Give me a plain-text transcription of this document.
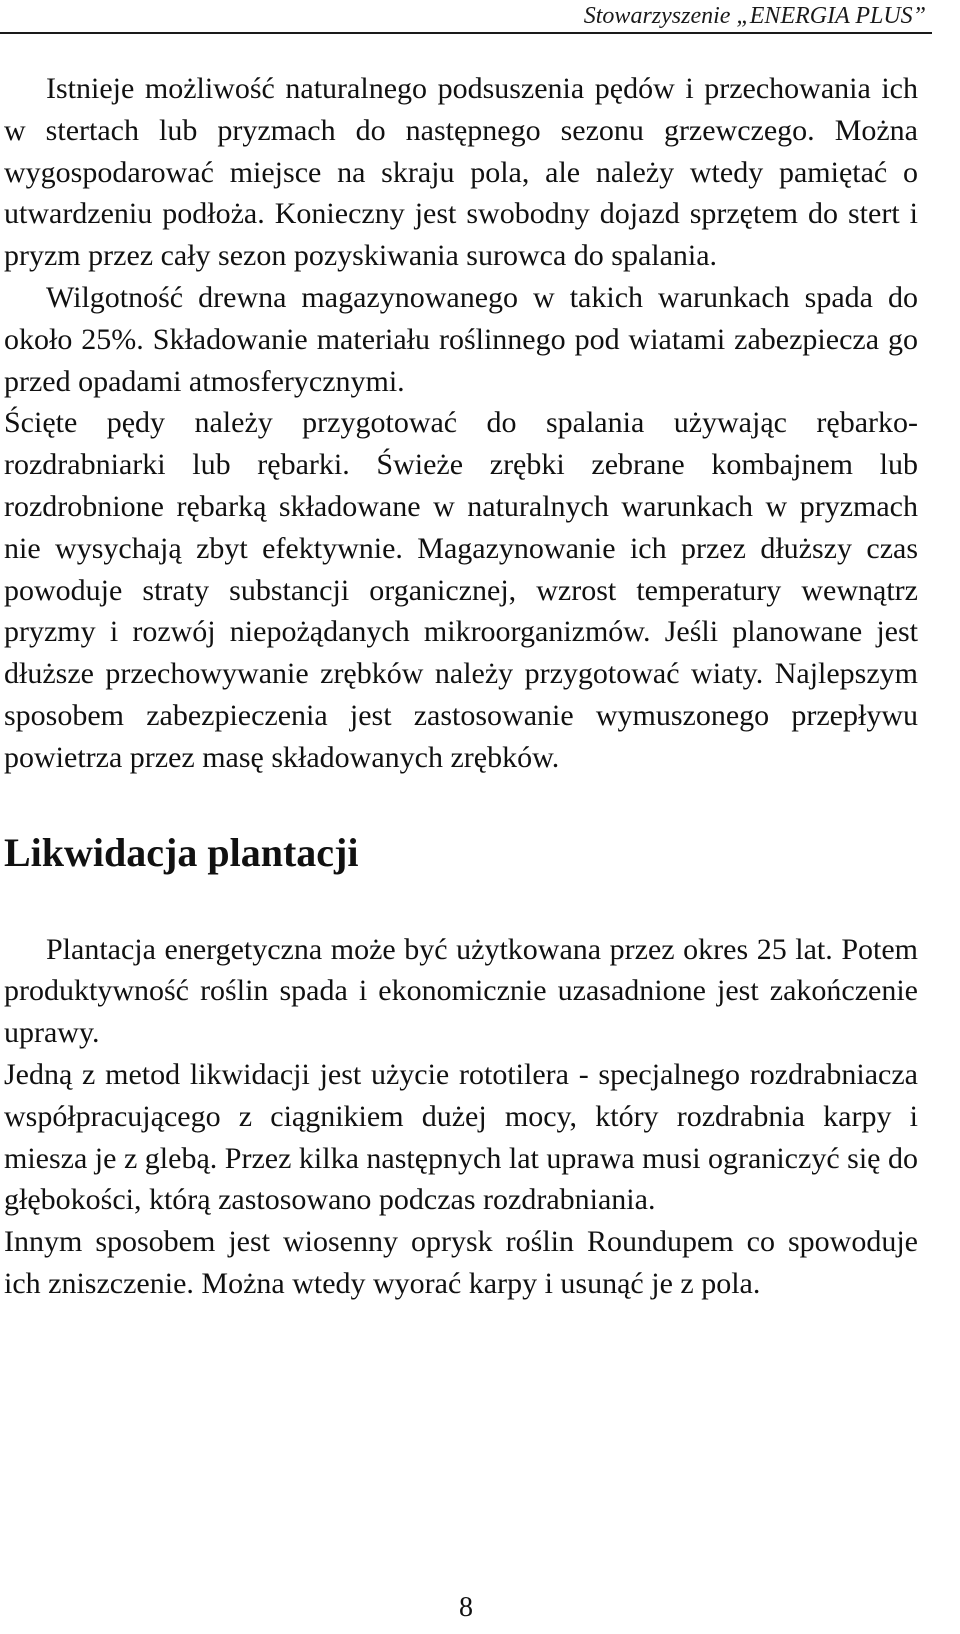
Stowarzyszenie „ENERGIA PLUS”

Istnieje możliwość naturalnego podsuszenia pędów i przechowania ich w stertach lub pryzmach do następnego sezonu grzewczego. Można wygospodarować miejsce na skraju pola, ale należy wtedy pamiętać o utwardzeniu podłoża. Konieczny jest swobodny dojazd sprzętem do stert i pryzm przez cały sezon pozyskiwania surowca do spalania.

Wilgotność drewna magazynowanego w takich warunkach spada do około 25%. Składowanie materiału roślinnego pod wiatami zabezpiecza go przed opadami atmosferycznymi.

Ścięte pędy należy przygotować do spalania używając rębarko-rozdrabniarki lub rębarki. Świeże zrębki zebrane kombajnem lub rozdrobnione rębarką składowane w naturalnych warunkach w pryzmach nie wysychają zbyt efektywnie. Magazynowanie ich przez dłuższy czas powoduje straty substancji organicznej, wzrost temperatury wewnątrz pryzmy i rozwój niepożądanych mikroorganizmów. Jeśli planowane jest dłuższe przechowywanie zrębków należy przygotować wiaty. Najlepszym sposobem zabezpieczenia jest zastosowanie wymuszonego przepływu powietrza przez masę składowanych zrębków.

Likwidacja plantacji

Plantacja energetyczna może być użytkowana przez okres 25 lat. Potem produktywność roślin spada i ekonomicznie uzasadnione jest zakończenie uprawy.

Jedną z metod likwidacji jest użycie rototilera - specjalnego rozdrabniacza współpracującego z ciągnikiem dużej mocy, który rozdrabnia karpy i miesza je z glebą. Przez kilka następnych lat uprawa musi ograniczyć się do głębokości, którą zastosowano podczas rozdrabniania.

Innym sposobem jest wiosenny oprysk roślin Roundupem co spowoduje ich zniszczenie. Można wtedy wyorać karpy i usunąć je z pola.

8
